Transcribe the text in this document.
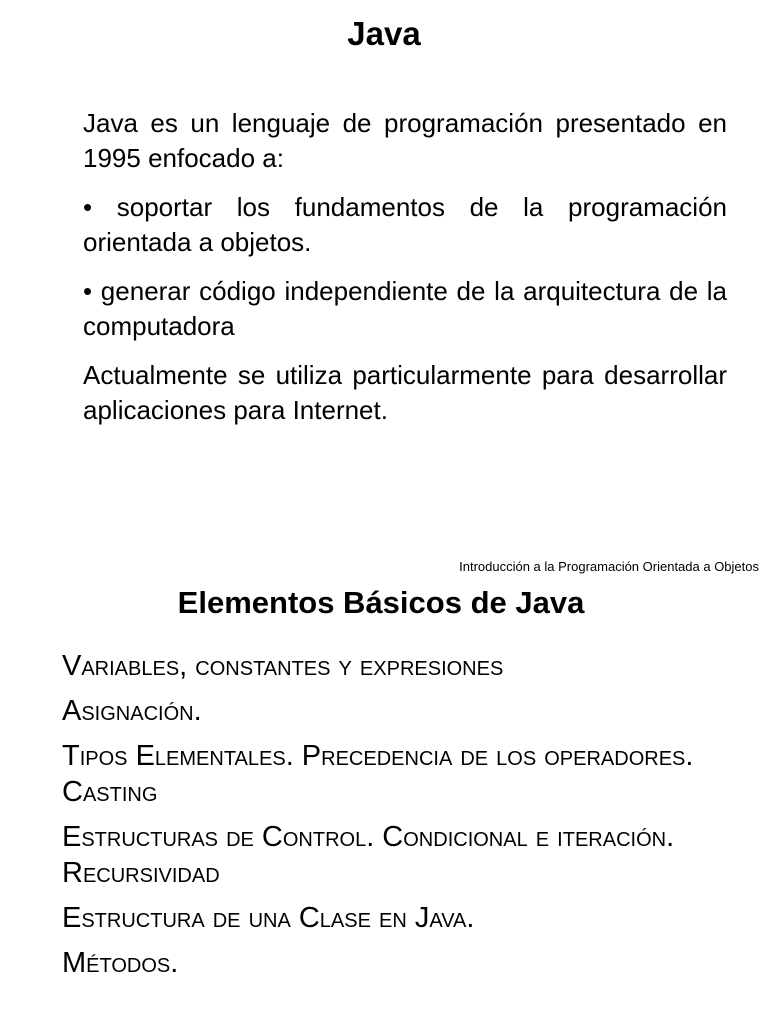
Java

Java es un lenguaje de programación presentado en 1995 enfocado a:

• soportar los fundamentos de la programación orientada a objetos.

• generar código independiente de la arquitectura de la computadora

Actualmente se utiliza particularmente para desarrollar aplicaciones para Internet.

Introducción a la Programación Orientada a Objetos
Elementos Básicos de Java
Variables, constantes y expresiones
Asignación.
Tipos Elementales. Precedencia de los operadores. Casting
Estructuras de Control. Condicional e iteración. Recursividad
Estructura de una Clase en Java.
Métodos.
